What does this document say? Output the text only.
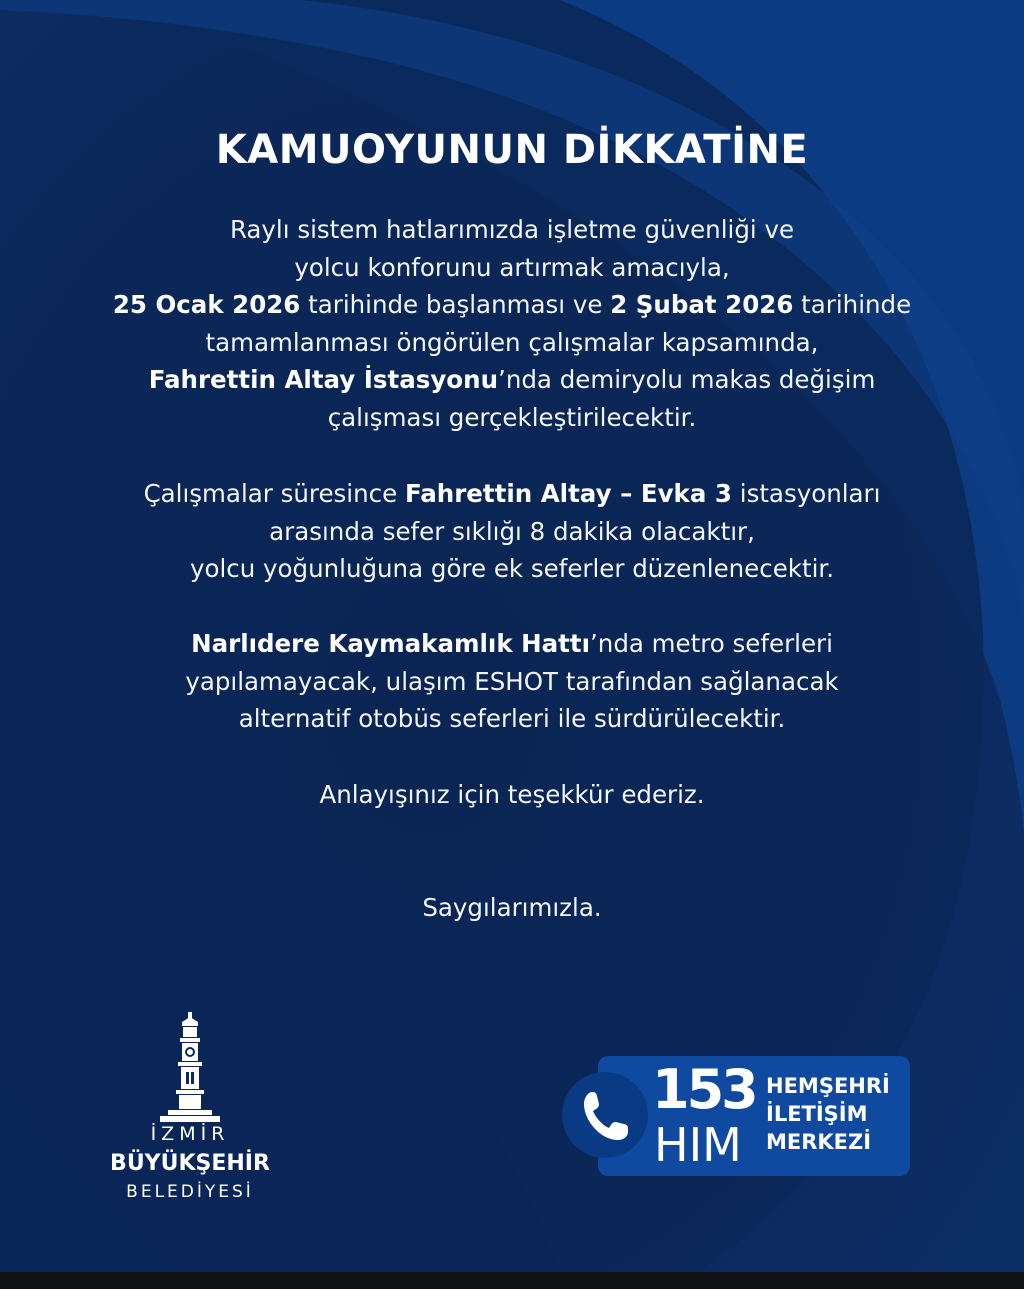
KAMUOYUNUN DİKKATİNE
Raylı sistem hatlarımızda işletme güvenliği ve
yolcu konforunu artırmak amacıyla,
25 Ocak 2026 tarihinde başlanması ve 2 Şubat 2026 tarihinde
tamamlanması öngörülen çalışmalar kapsamında,
Fahrettin Altay İstasyonu’nda demiryolu makas değişim
çalışması gerçekleştirilecektir.
Çalışmalar süresince Fahrettin Altay – Evka 3 istasyonları
arasında sefer sıklığı 8 dakika olacaktır,
yolcu yoğunluğuna göre ek seferler düzenlenecektir.
Narlıdere Kaymakamlık Hattı’nda metro seferleri
yapılamayacak, ulaşım ESHOT tarafından sağlanacak
alternatif otobüs seferleri ile sürdürülecektir.
Anlayışınız için teşekkür ederiz.
Saygılarımızla.
İZMİR
BÜYÜKŞEHİR
BELEDİYESİ
153
HIM
HEMŞEHRİ
İLETİŞİM
MERKEZİ
